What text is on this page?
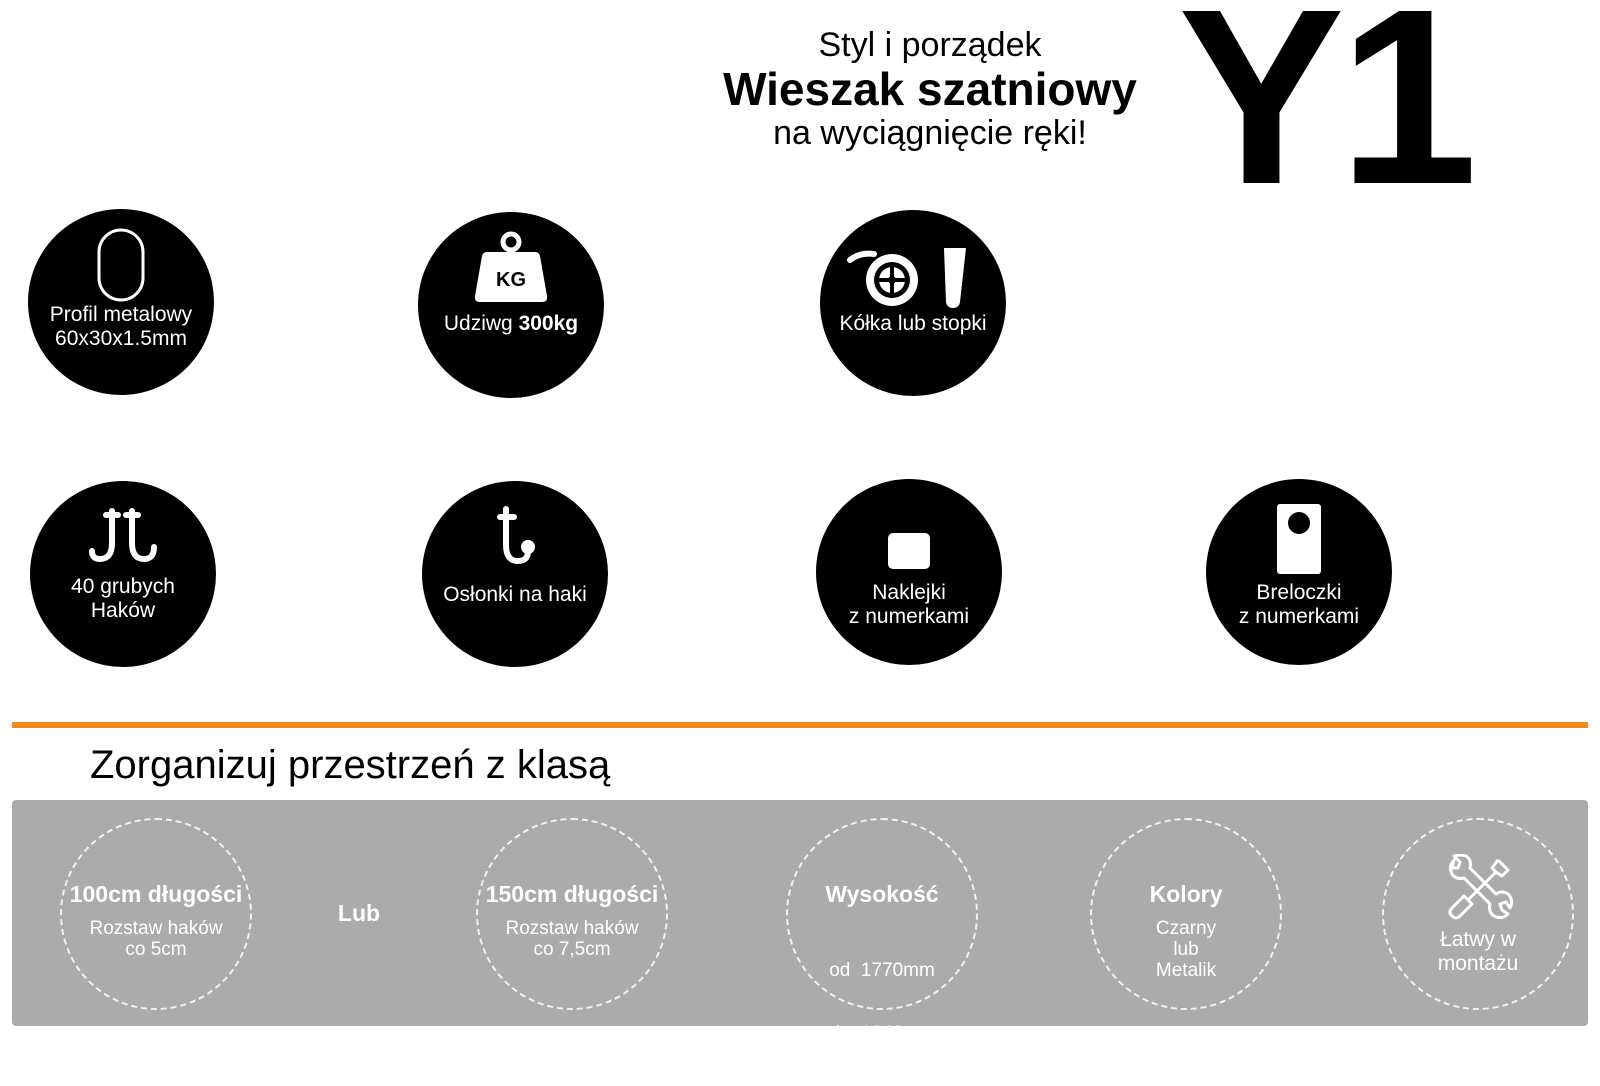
Styl i porządek
Wieszak szatniowy
na wyciągnięcie ręki! Y1
Profil metalowy
60x30x1.5mm
KG
Udziwg 300kg	Kółka lub stopki
40 grubych
Haków
Osłonki na haki	Naklejki
z numerkami
Breloczki
z numerkami
Zorganizuj przestrzeń z klasą
100cm długości
Rozstaw haków
co 5cm
Lub
150cm długości
Rozstaw haków
co 7,5cm
Wysokość

od  1770mm

do  1840mm

Kolory
Czarny
lub
Metalik
Łatwy w
montażu
